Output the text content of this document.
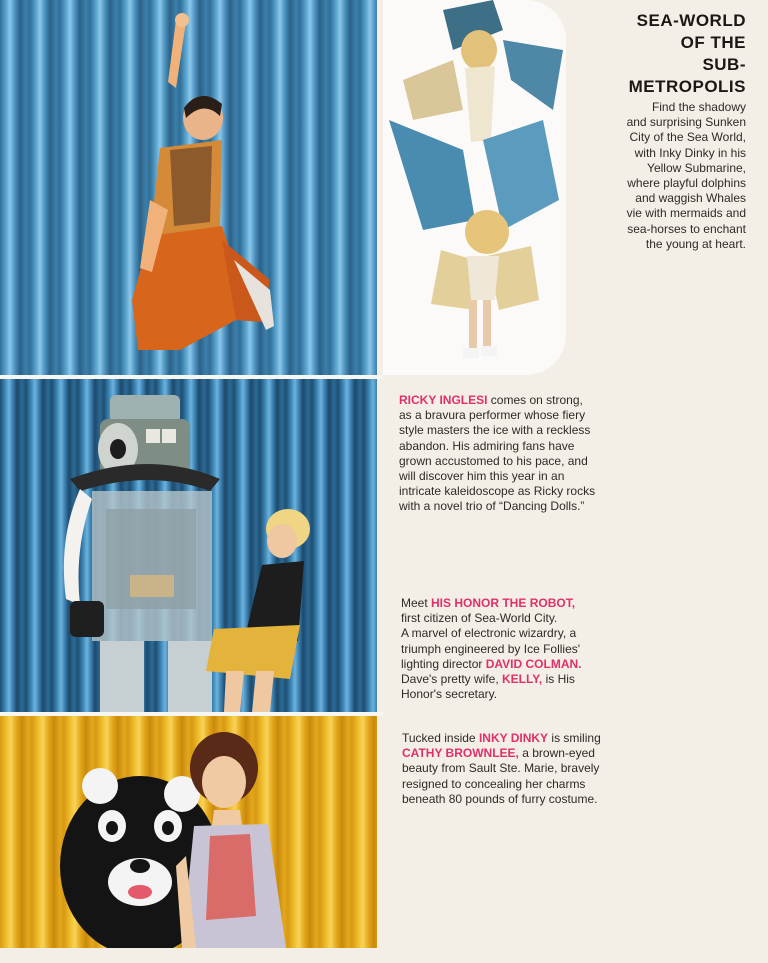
SEA-WORLD
OF THE
SUB-
METROPOLIS
Find the shadowy
and surprising Sunken
City of the Sea World,
with Inky Dinky in his
Yellow Submarine,
where playful dolphins
and waggish Whales
vie with mermaids and
sea-horses to enchant
the young at heart.
RICKY INGLESI comes on strong,
as a bravura performer whose fiery
style masters the ice with a reckless
abandon. His admiring fans have
grown accustomed to his pace, and
will discover him this year in an
intricate kaleidoscope as Ricky rocks
with a novel trio of “Dancing Dolls.”
Meet HIS HONOR THE ROBOT,
first citizen of Sea-World City.
A marvel of electronic wizardry, a
triumph engineered by Ice Follies'
lighting director DAVID COLMAN.
Dave's pretty wife, KELLY, is His
Honor's secretary.
Tucked inside INKY DINKY is smiling
CATHY BROWNLEE, a brown-eyed
beauty from Sault Ste. Marie, bravely
resigned to concealing her charms
beneath 80 pounds of furry costume.
